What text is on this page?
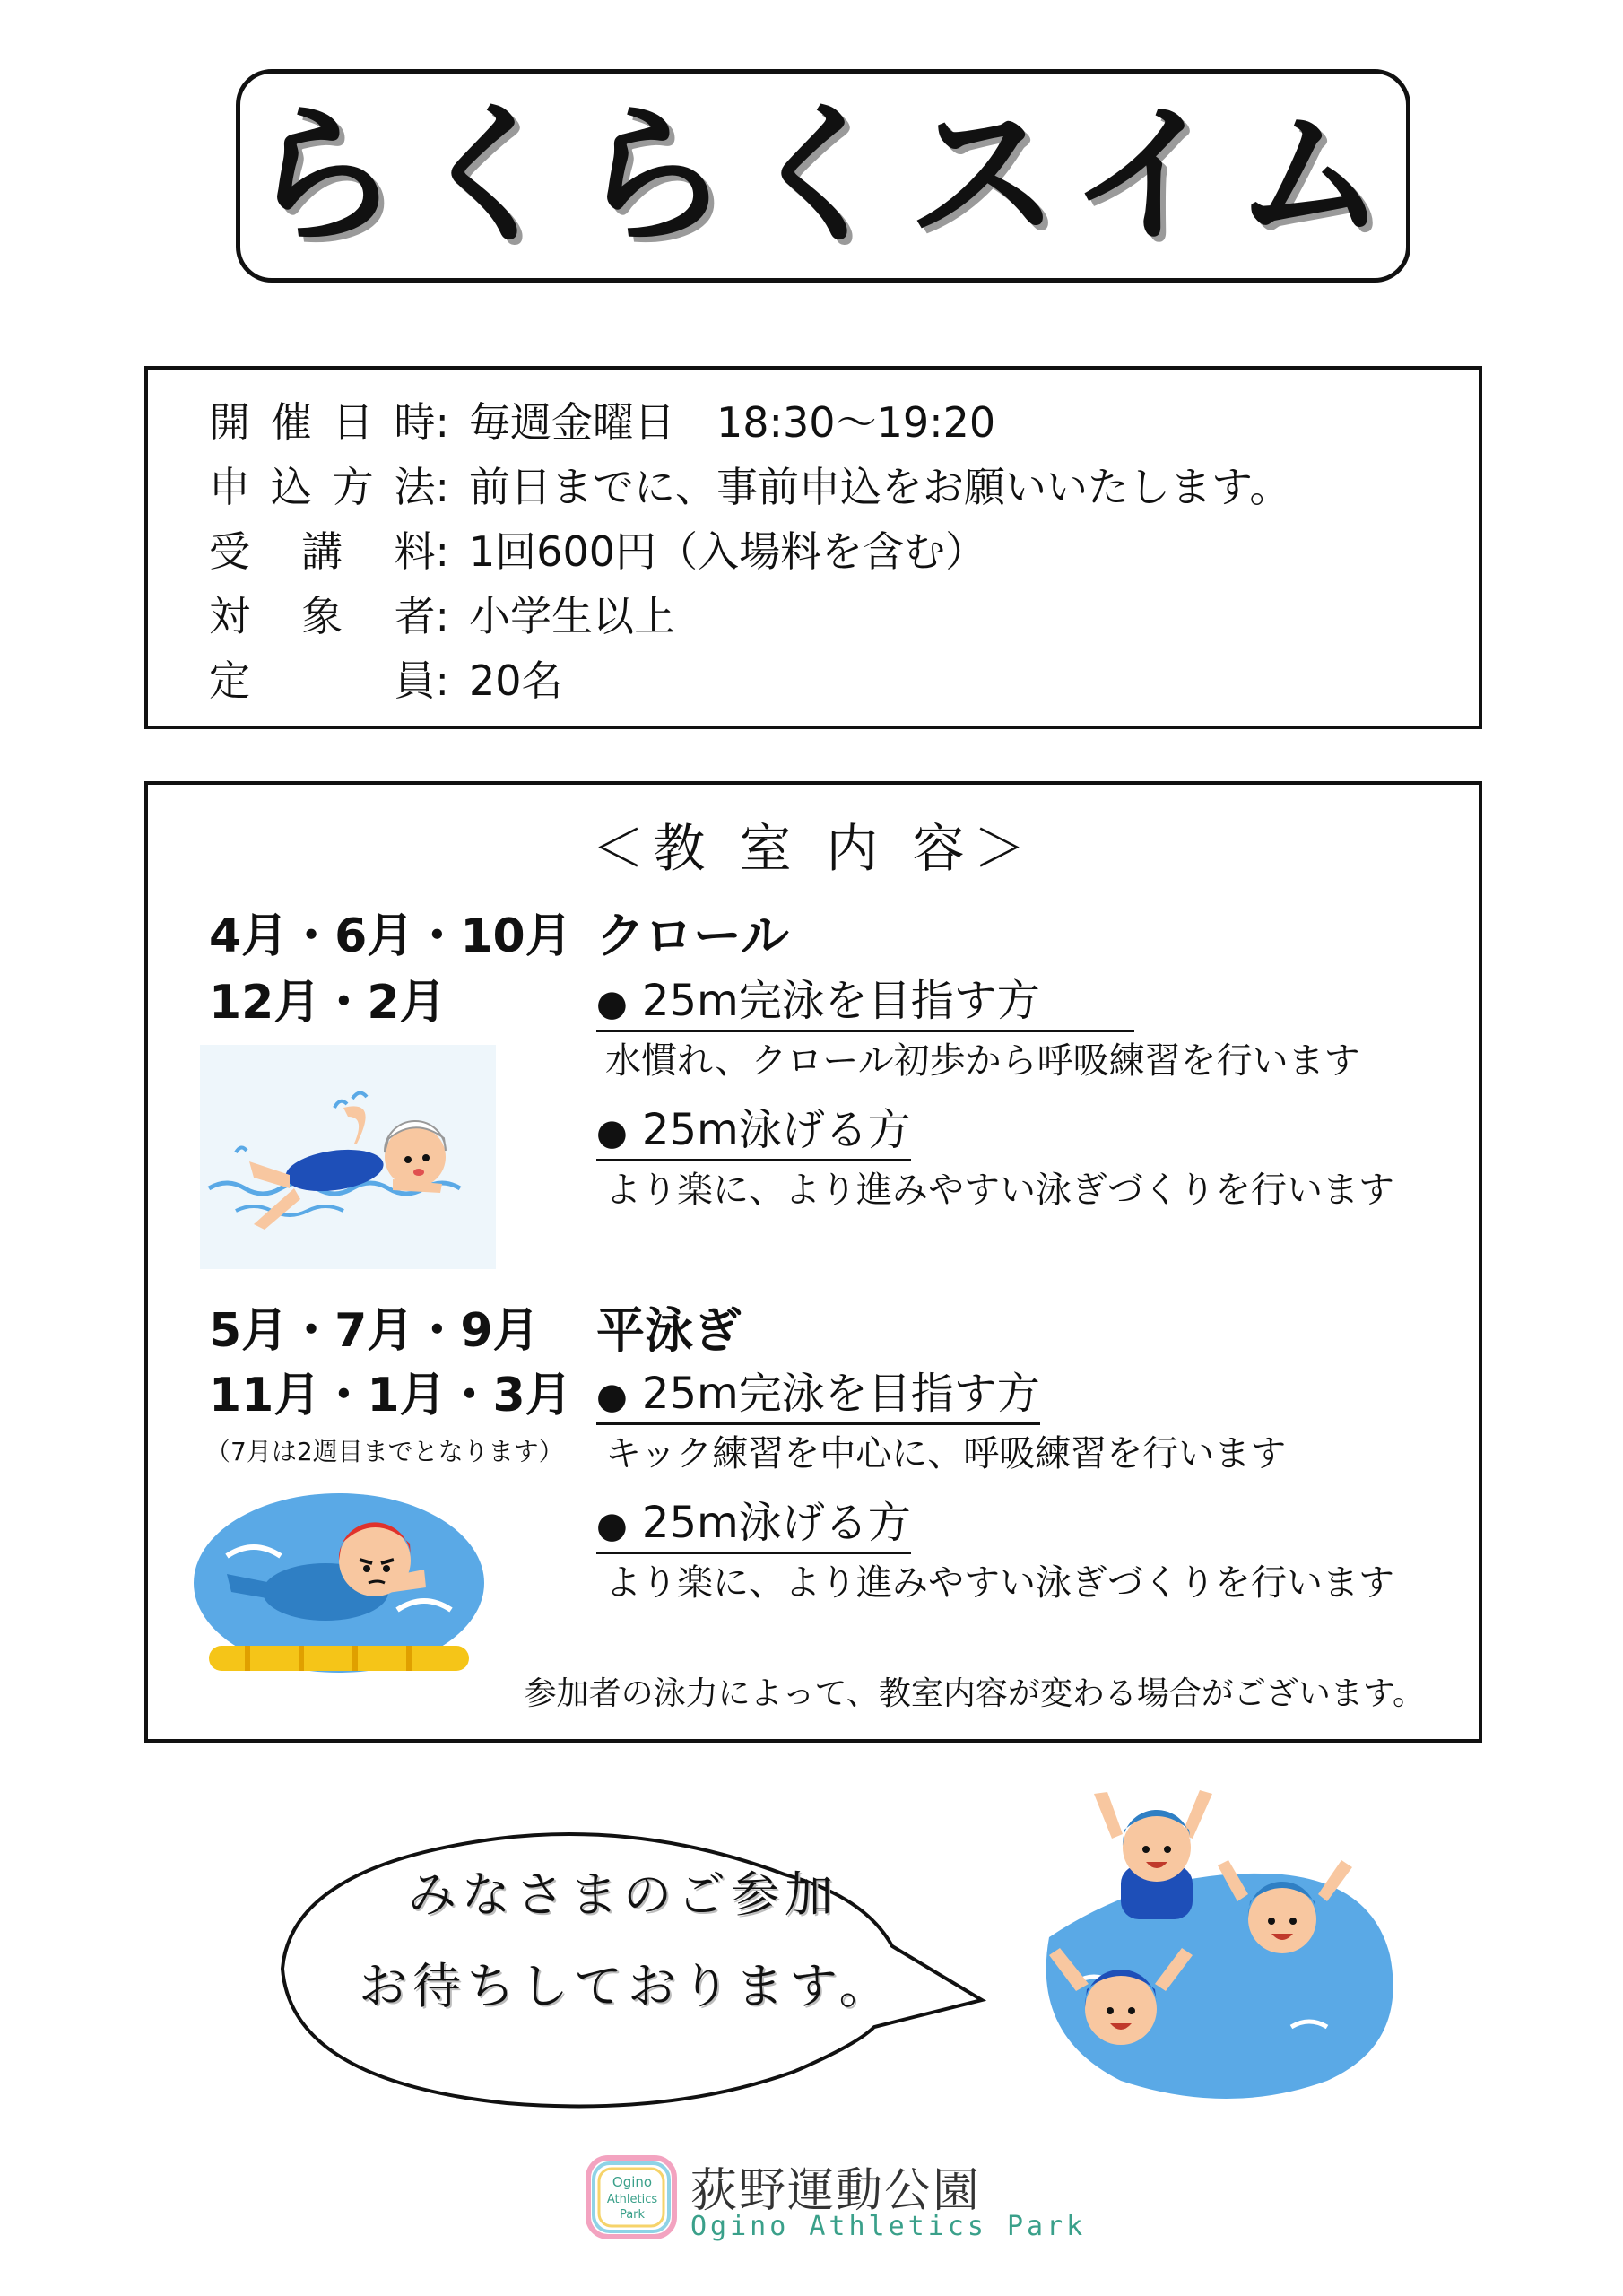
らくらくスイム
開 催 日 時: 毎週金曜日　18:30～19:20
申 込 方 法: 前日までに、事前申込をお願いいたします。
受 講 料: 1回600円（入場料を含む）
対 象 者: 小学生以上
定	員: 20名
＜教 室 内 容＞
4月・6月・10月
12月・2月
クロール
● 25m完泳を目指す方
水慣れ、クロール初歩から呼吸練習を行います
● 25m泳げる方
より楽に、より進みやすい泳ぎづくりを行います
5月・7月・9月
11月・1月・3月
（7月は2週目までとなります）
平泳ぎ
● 25m完泳を目指す方
キック練習を中心に、呼吸練習を行います
● 25m泳げる方
より楽に、より進みやすい泳ぎづくりを行います
参加者の泳力によって、教室内容が変わる場合がございます。
みなさまのご参加
お待ちしております。
Ogino
Athletics
Park 荻野運動公園
Ogino Athletics Park
